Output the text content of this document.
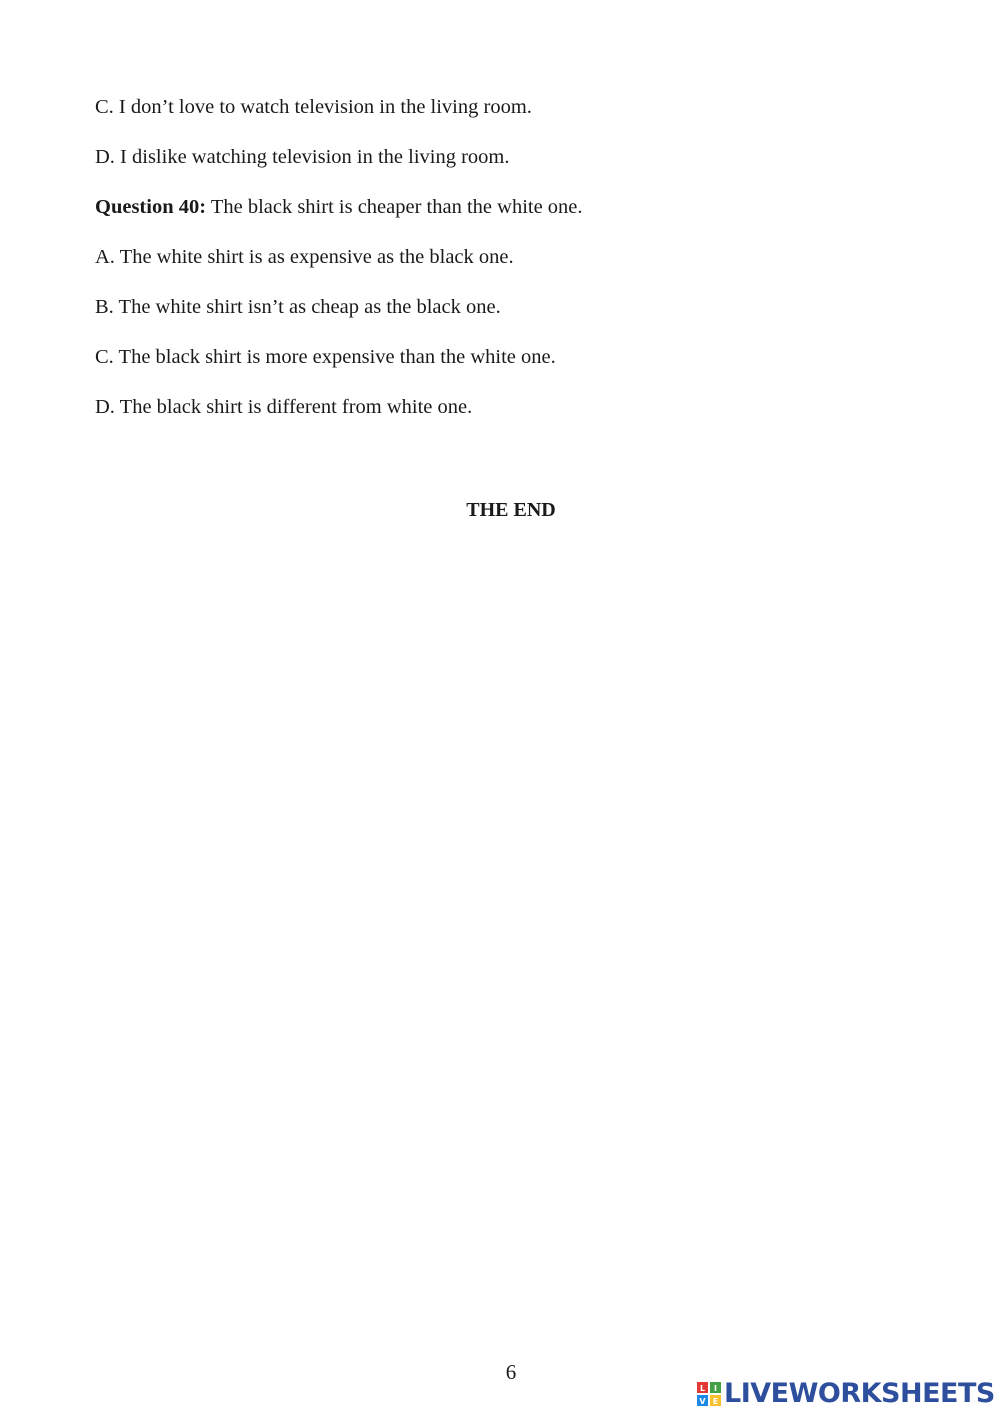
C. I don’t love to watch television in the living room.
D. I dislike watching television in the living room.
Question 40: The black shirt is cheaper than the white one.
A. The white shirt is as expensive as the black one.
B. The white shirt isn’t as cheap as the black one.
C. The black shirt is more expensive than the white one.
D. The black shirt is different from white one.
THE END
6
L I
V E LIVEWORKSHEETS
